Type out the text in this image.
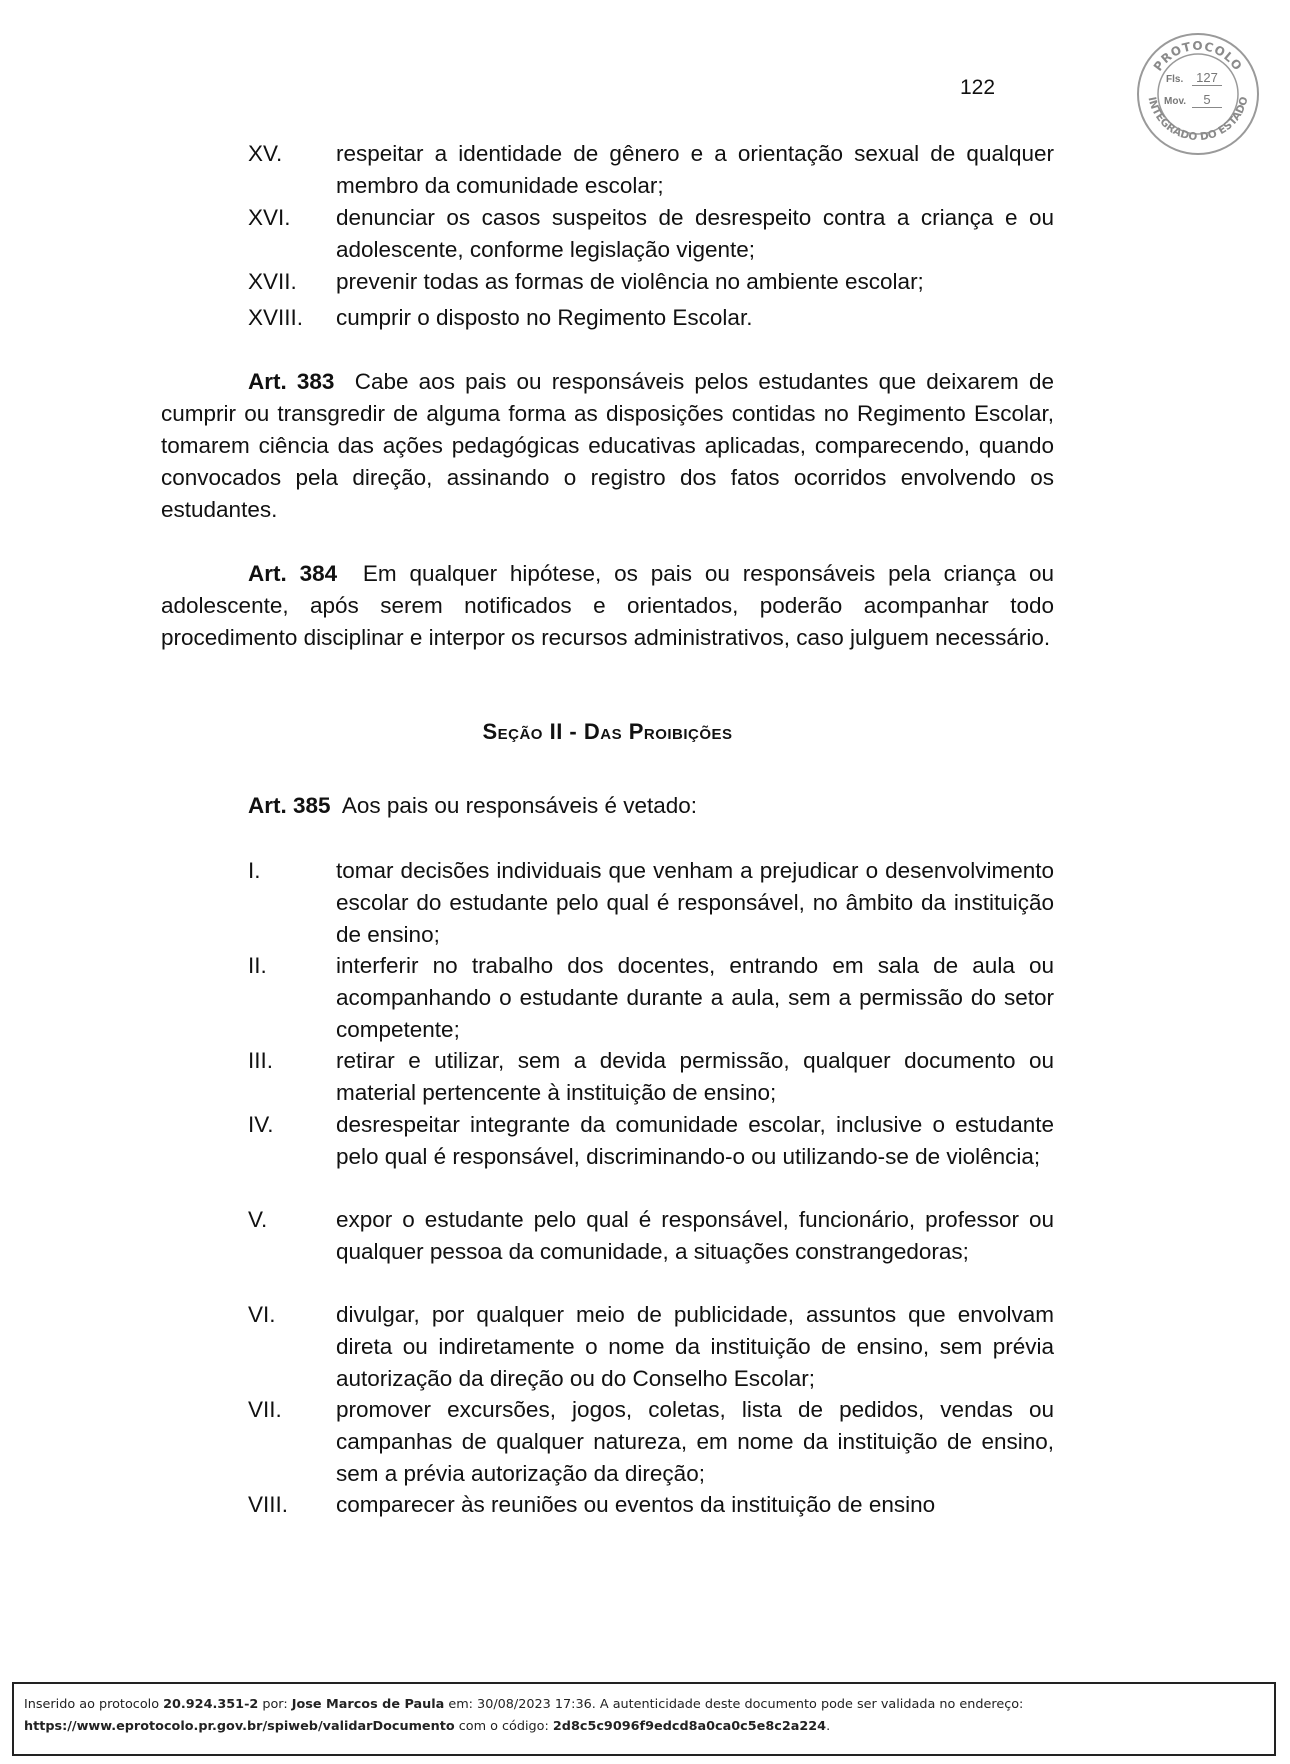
122
PROTOCOLO
INTEGRADO DO ESTADO
Fls. 127
Mov.	5
XV.	respeitar a identidade de gênero e a orientação sexual de qualquer membro da comunidade escolar;
XVI.	denunciar os casos suspeitos de desrespeito contra a criança e ou adolescente, conforme legislação vigente;
XVII.	prevenir todas as formas de violência no ambiente escolar;
XVIII.	cumprir o disposto no Regimento Escolar.
Art. 383 Cabe aos pais ou responsáveis pelos estudantes que deixarem de cumprir ou transgredir de alguma forma as disposições contidas no Regimento Escolar, tomarem ciência das ações pedagógicas educativas aplicadas, comparecendo, quando convocados pela direção, assinando o registro dos fatos ocorridos envolvendo os estudantes.
Art. 384 Em qualquer hipótese, os pais ou responsáveis pela criança ou adolescente, após serem notificados e orientados, poderão acompanhar todo procedimento disciplinar e interpor os recursos administrativos, caso julguem necessário.
Seção II - Das Proibições
Art. 385 Aos pais ou responsáveis é vetado:
I.	tomar decisões individuais que venham a prejudicar o desenvolvimento escolar do estudante pelo qual é responsável, no âmbito da instituição de ensino;
II.	interferir no trabalho dos docentes, entrando em sala de aula ou acompanhando o estudante durante a aula, sem a permissão do setor competente;
III.	retirar e utilizar, sem a devida permissão, qualquer documento ou material pertencente à instituição de ensino;
IV.	desrespeitar integrante da comunidade escolar, inclusive o estudante pelo qual é responsável, discriminando-o ou utilizando-se de violência;
V.	expor o estudante pelo qual é responsável, funcionário, professor ou qualquer pessoa da comunidade, a situações constrangedoras;
VI.	divulgar, por qualquer meio de publicidade, assuntos que envolvam direta ou indiretamente o nome da instituição de ensino, sem prévia autorização da direção ou do Conselho Escolar;
VII.	promover excursões, jogos, coletas, lista de pedidos, vendas ou campanhas de qualquer natureza, em nome da instituição de ensino, sem a prévia autorização da direção;
VIII.	comparecer às reuniões ou eventos da instituição de ensino
Inserido ao protocolo 20.924.351-2 por: Jose Marcos de Paula em: 30/08/2023 17:36. A autenticidade deste documento pode ser validada no endereço:
https://www.eprotocolo.pr.gov.br/spiweb/validarDocumento com o código: 2d8c5c9096f9edcd8a0ca0c5e8c2a224.
